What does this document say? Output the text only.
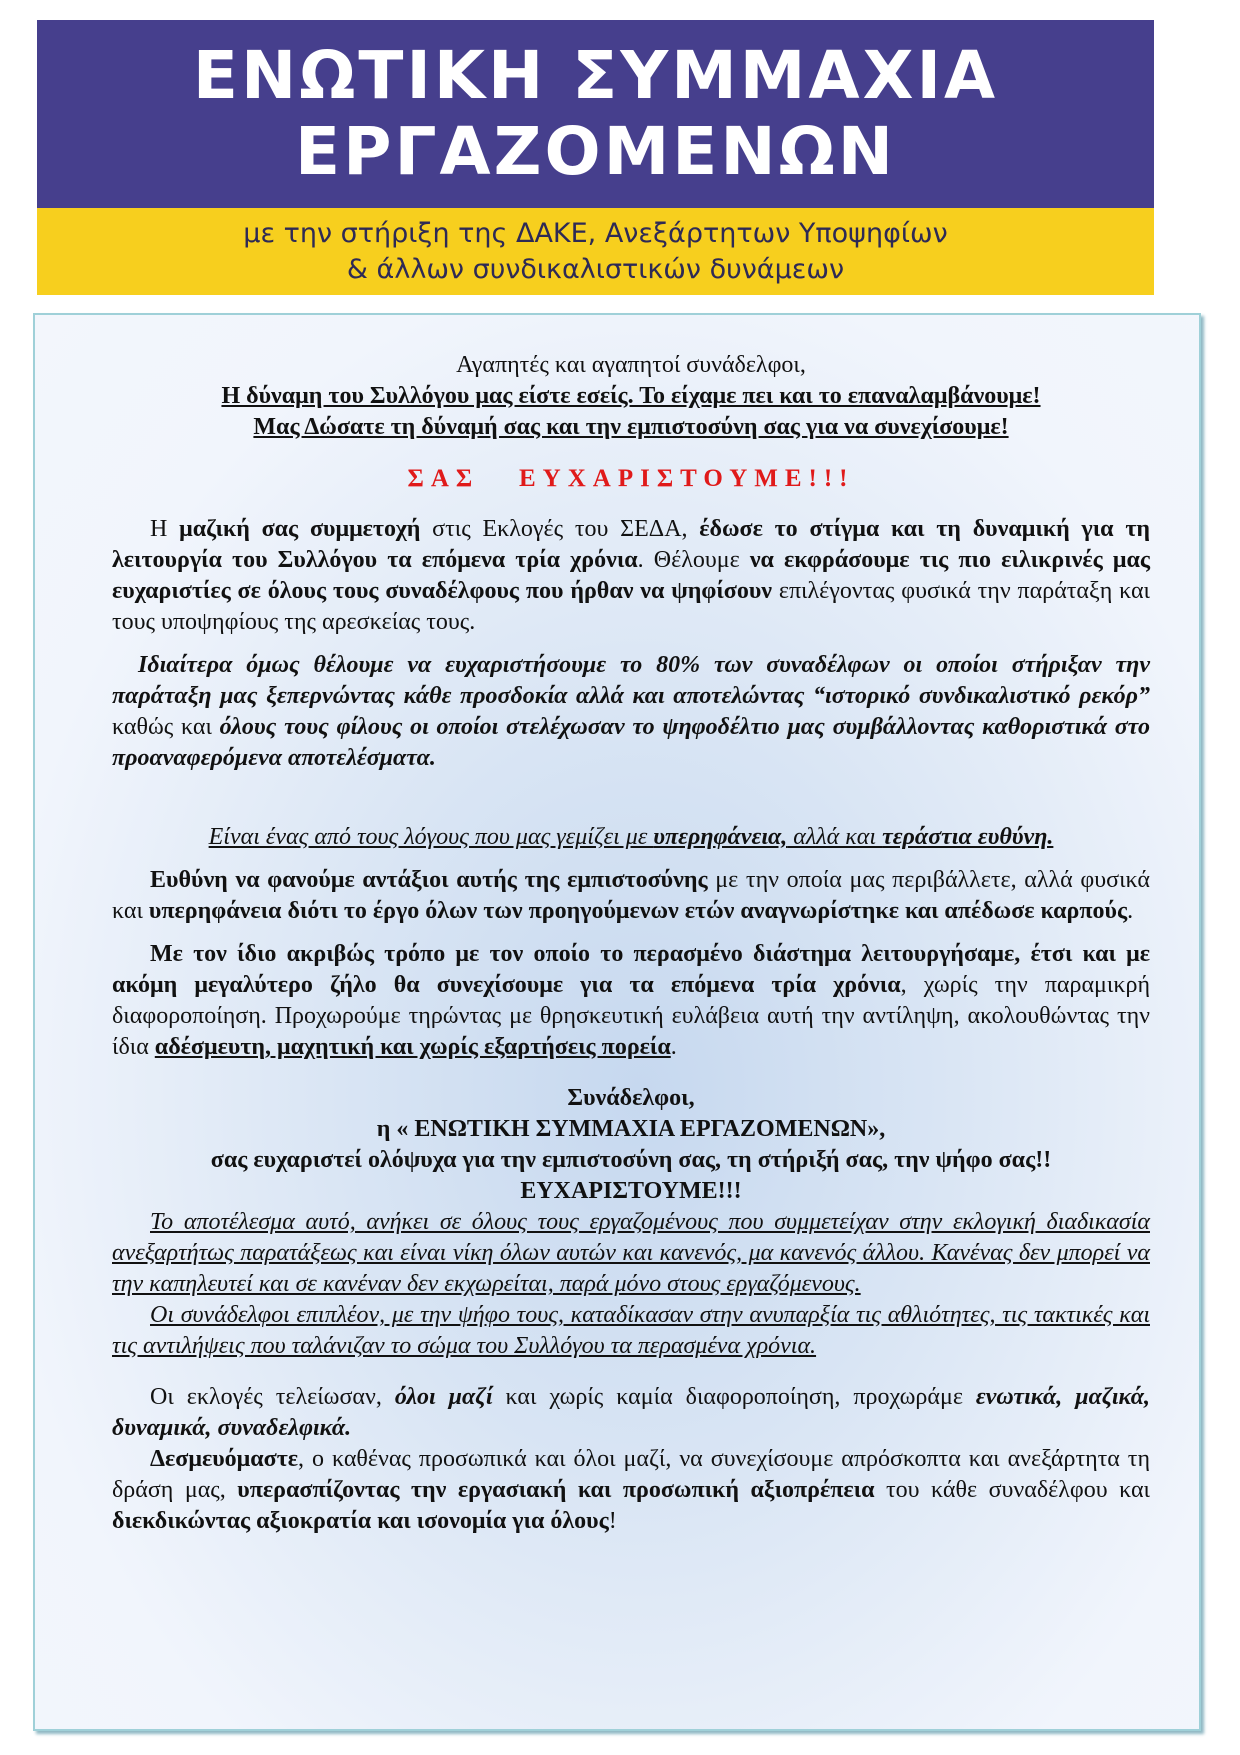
ΕΝΩΤΙΚΗ ΣΥΜΜΑΧΙΑ
ΕΡΓΑΖΟΜΕΝΩΝ
με την στήριξη της ΔΑΚΕ, Ανεξάρτητων Υποψηφίων
& άλλων συνδικαλιστικών δυνάμεων

Αγαπητές και αγαπητοί συνάδελφοι,

Η δύναμη του Συλλόγου μας είστε εσείς. Το είχαμε πει και το επαναλαμβάνουμε!

Μας Δώσατε τη δύναμή σας και την εμπιστοσύνη σας για να συνεχίσουμε!

ΣΑΣ   ΕΥΧΑΡΙΣΤΟΥΜΕ!!!

Η μαζική σας συμμετοχή στις Εκλογές του ΣΕΔΑ, έδωσε το στίγμα και τη δυναμική για τη λειτουργία του Συλλόγου τα επόμενα τρία χρόνια. Θέλουμε να εκφράσουμε τις πιο ειλικρινές μας ευχαριστίες σε όλους τους συναδέλφους που ήρθαν να ψηφίσουν επιλέγοντας φυσικά την παράταξη και τους υποψηφίους της αρεσκείας τους.

Ιδιαίτερα όμως θέλουμε να ευχαριστήσουμε το 80% των συναδέλφων οι οποίοι στήριξαν την παράταξη μας ξεπερνώντας κάθε προσδοκία αλλά και αποτελώντας “ιστορικό συνδικαλιστικό ρεκόρ” καθώς και όλους τους φίλους οι οποίοι στελέχωσαν το ψηφοδέλτιο μας συμβάλλοντας καθοριστικά στο προαναφερόμενα αποτελέσματα.

Είναι ένας από τους λόγους που μας γεμίζει με υπερηφάνεια, αλλά και τεράστια ευθύνη.

Ευθύνη να φανούμε αντάξιοι αυτής της εμπιστοσύνης με την οποία μας περιβάλλετε, αλλά φυσικά και υπερηφάνεια διότι το έργο όλων των προηγούμενων ετών αναγνωρίστηκε και απέδωσε καρπούς.

Με τον ίδιο ακριβώς τρόπο με τον οποίο το περασμένο διάστημα λειτουργήσαμε, έτσι και με ακόμη μεγαλύτερο ζήλο θα συνεχίσουμε για τα επόμενα τρία χρόνια, χωρίς την παραμικρή διαφοροποίηση. Προχωρούμε τηρώντας με θρησκευτική ευλάβεια αυτή την αντίληψη, ακολουθώντας την ίδια αδέσμευτη, μαχητική και χωρίς εξαρτήσεις πορεία.

Συνάδελφοι,

η « ΕΝΩΤΙΚΗ ΣΥΜΜΑΧΙΑ ΕΡΓΑΖΟΜΕΝΩΝ»,

σας ευχαριστεί ολόψυχα για την εμπιστοσύνη σας, τη στήριξή σας, την ψήφο σας!!

ΕΥΧΑΡΙΣΤΟΥΜΕ!!!

Το αποτέλεσμα αυτό, ανήκει σε όλους τους εργαζομένους που συμμετείχαν στην εκλογική διαδικασία ανεξαρτήτως παρατάξεως και είναι νίκη όλων αυτών και κανενός, μα κανενός άλλου. Κανένας δεν μπορεί να την καπηλευτεί και σε κανέναν δεν εκχωρείται, παρά μόνο στους εργαζόμενους.

Οι συνάδελφοι επιπλέον, με την ψήφο τους, καταδίκασαν στην ανυπαρξία τις αθλιότητες, τις τακτικές και τις αντιλήψεις που ταλάνιζαν το σώμα του Συλλόγου τα περασμένα χρόνια.

Οι εκλογές τελείωσαν, όλοι μαζί και χωρίς καμία διαφοροποίηση, προχωράμε ενωτικά, μαζικά, δυναμικά, συναδελφικά.

Δεσμευόμαστε, ο καθένας προσωπικά και όλοι μαζί, να συνεχίσουμε απρόσκοπτα και ανεξάρτητα τη δράση μας, υπερασπίζοντας την εργασιακή και προσωπική αξιοπρέπεια του κάθε συναδέλφου και διεκδικώντας αξιοκρατία και ισονομία για όλους!
